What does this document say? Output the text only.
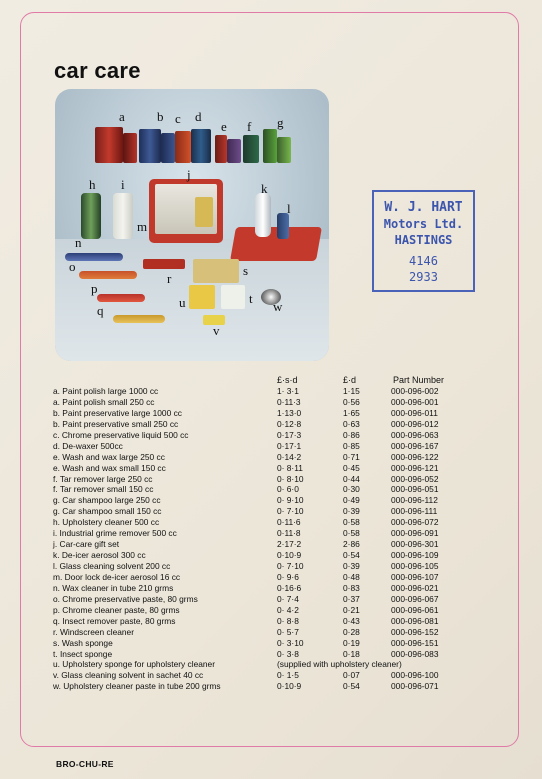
car care
a b c d
e f g
h i
j
k
l
m
n
o
p
q
r
s
t
u
v
w
W. J. HART
Motors Ltd.
HASTINGS
4146
2933
£·s·d	£·d	Part Number
a. Paint polish large 1000 cc	1· 3·1	1·15	000-096-002
a. Paint polish small 250 cc	0·11·3	0·56	000-096-001
b. Paint preservative large 1000 cc	1·13·0	1·65	000-096-011
b. Paint preservative small 250 cc	0·12·8	0·63	000-096-012
c. Chrome preservative liquid 500 cc	0·17·3	0·86	000-096-063
d. De-waxer 500cc	0·17·1	0·85	000-096-167
e. Wash and wax large 250 cc	0·14·2	0·71	000-096-122
e. Wash and wax small 150 cc	0· 8·11	0·45	000-096-121
f. Tar remover large 250 cc	0· 8·10	0·44	000-096-052
f. Tar remover small 150 cc	0· 6·0	0·30	000-096-051
g. Car shampoo large 250 cc	0· 9·10	0·49	000-096-112
g. Car shampoo small 150 cc	0· 7·10	0·39	000-096-111
h. Upholstery cleaner 500 cc	0·11·6	0·58	000-096-072
i. Industrial grime remover 500 cc	0·11·8	0·58	000-096-091
j. Car-care gift set	2·17·2	2·86	000-096-301
k. De-icer aerosol 300 cc	0·10·9	0·54	000-096-109
l. Glass cleaning solvent 200 cc	0· 7·10	0·39	000-096-105
m. Door lock de-icer aerosol 16 cc	0· 9·6	0·48	000-096-107
n. Wax cleaner in tube 210 grms	0·16·6	0·83	000-096-021
o. Chrome preservative paste, 80 grms	0· 7·4	0·37	000-096-067
p. Chrome cleaner paste, 80 grms	0· 4·2	0·21	000-096-061
q. Insect remover paste, 80 grms	0· 8·8	0·43	000-096-081
r. Windscreen cleaner	0· 5·7	0·28	000-096-152
s. Wash sponge	0· 3·10	0·19	000-096-151
t. Insect sponge	0· 3·8	0·18	000-096-083
u. Upholstery sponge for upholstery cleaner	(supplied with upholstery cleaner)
v. Glass cleaning solvent in sachet 40 cc	0· 1·5	0·07	000-096-100
w. Upholstery cleaner paste in tube 200 grms	0·10·9	0·54	000-096-071
BRO-CHU-RE
